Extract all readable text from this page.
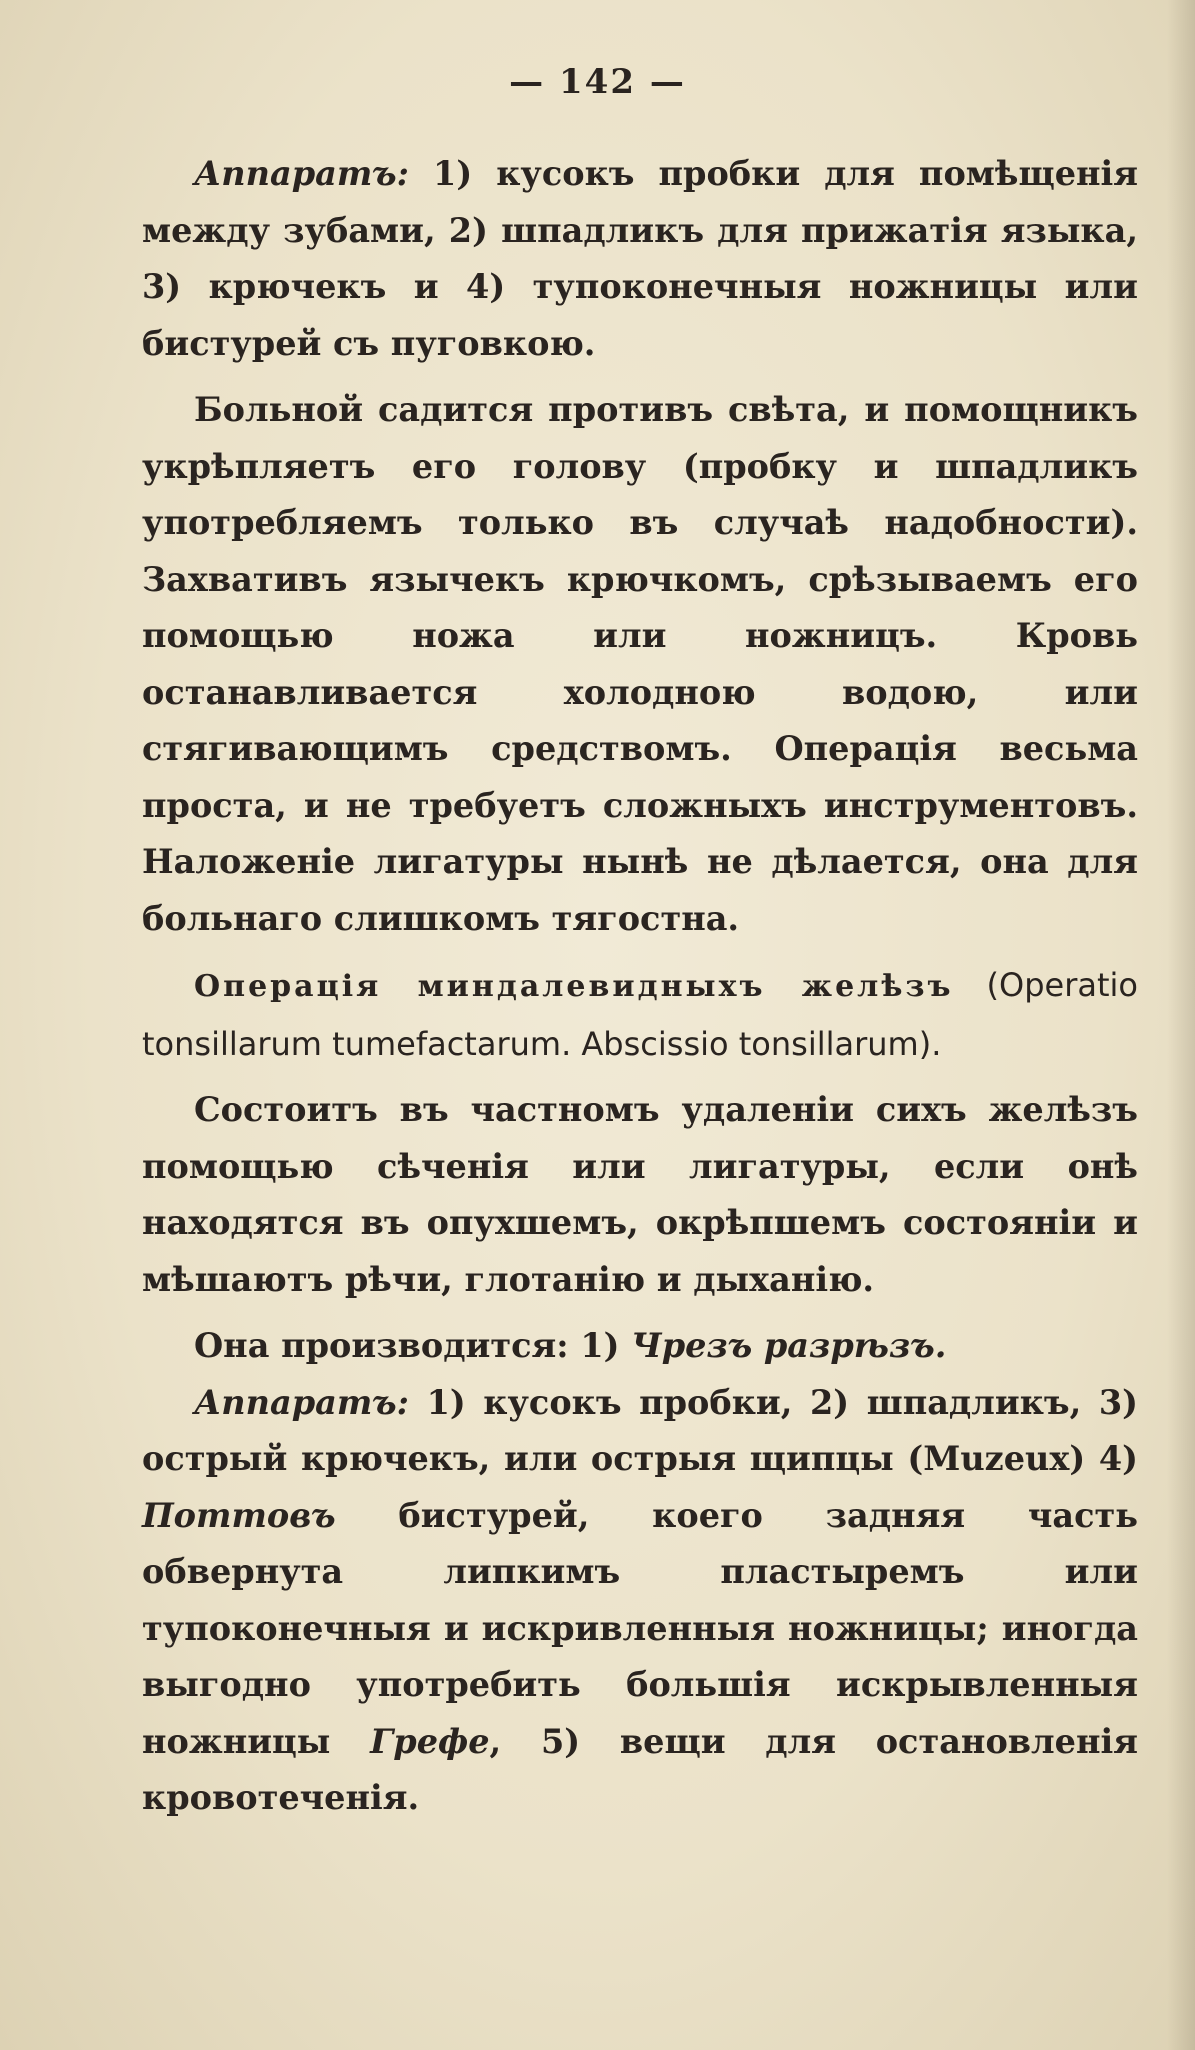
— 142 —

Аппаратъ: 1) кусокъ пробки для помѣщенія между зубами, 2) шпадликъ для прижатія языка, 3) крючекъ и 4) тупоконечныя ножницы или бистурей съ пуговкою.

Больной садится противъ свѣта, и помощникъ укрѣпляетъ его голову (пробку и шпадликъ употребляемъ только въ случаѣ надобности). Захвативъ язычекъ крючкомъ, срѣзываемъ его помощью ножа или ножницъ. Кровь останавливается холодною водою, или стягивающимъ средствомъ. Операція весьма проста, и не требуетъ сложныхъ инструментовъ. Наложеніе лигатуры нынѣ не дѣлается, она для больнаго слишкомъ тягостна.

Операція миндалевидныхъ желѣзъ (Operatio tonsillarum tumefactarum. Abscissio tonsillarum).

Состоитъ въ частномъ удаленіи сихъ желѣзъ помощью сѣченія или лигатуры, если онѣ находятся въ опухшемъ, окрѣпшемъ состояніи и мѣшаютъ рѣчи, глотанію и дыханію.

Она производится: 1) Чрезъ разрѣзъ.

Аппаратъ: 1) кусокъ пробки, 2) шпадликъ, 3) острый крючекъ, или острыя щипцы (Muzeux) 4) Поттовъ бистурей, коего задняя часть обвернута липкимъ пластыремъ или тупоконечныя и искривленныя ножницы; иногда выгодно употребить большія искрывленныя ножницы Грефе, 5) вещи для остановленія кровотеченія.
